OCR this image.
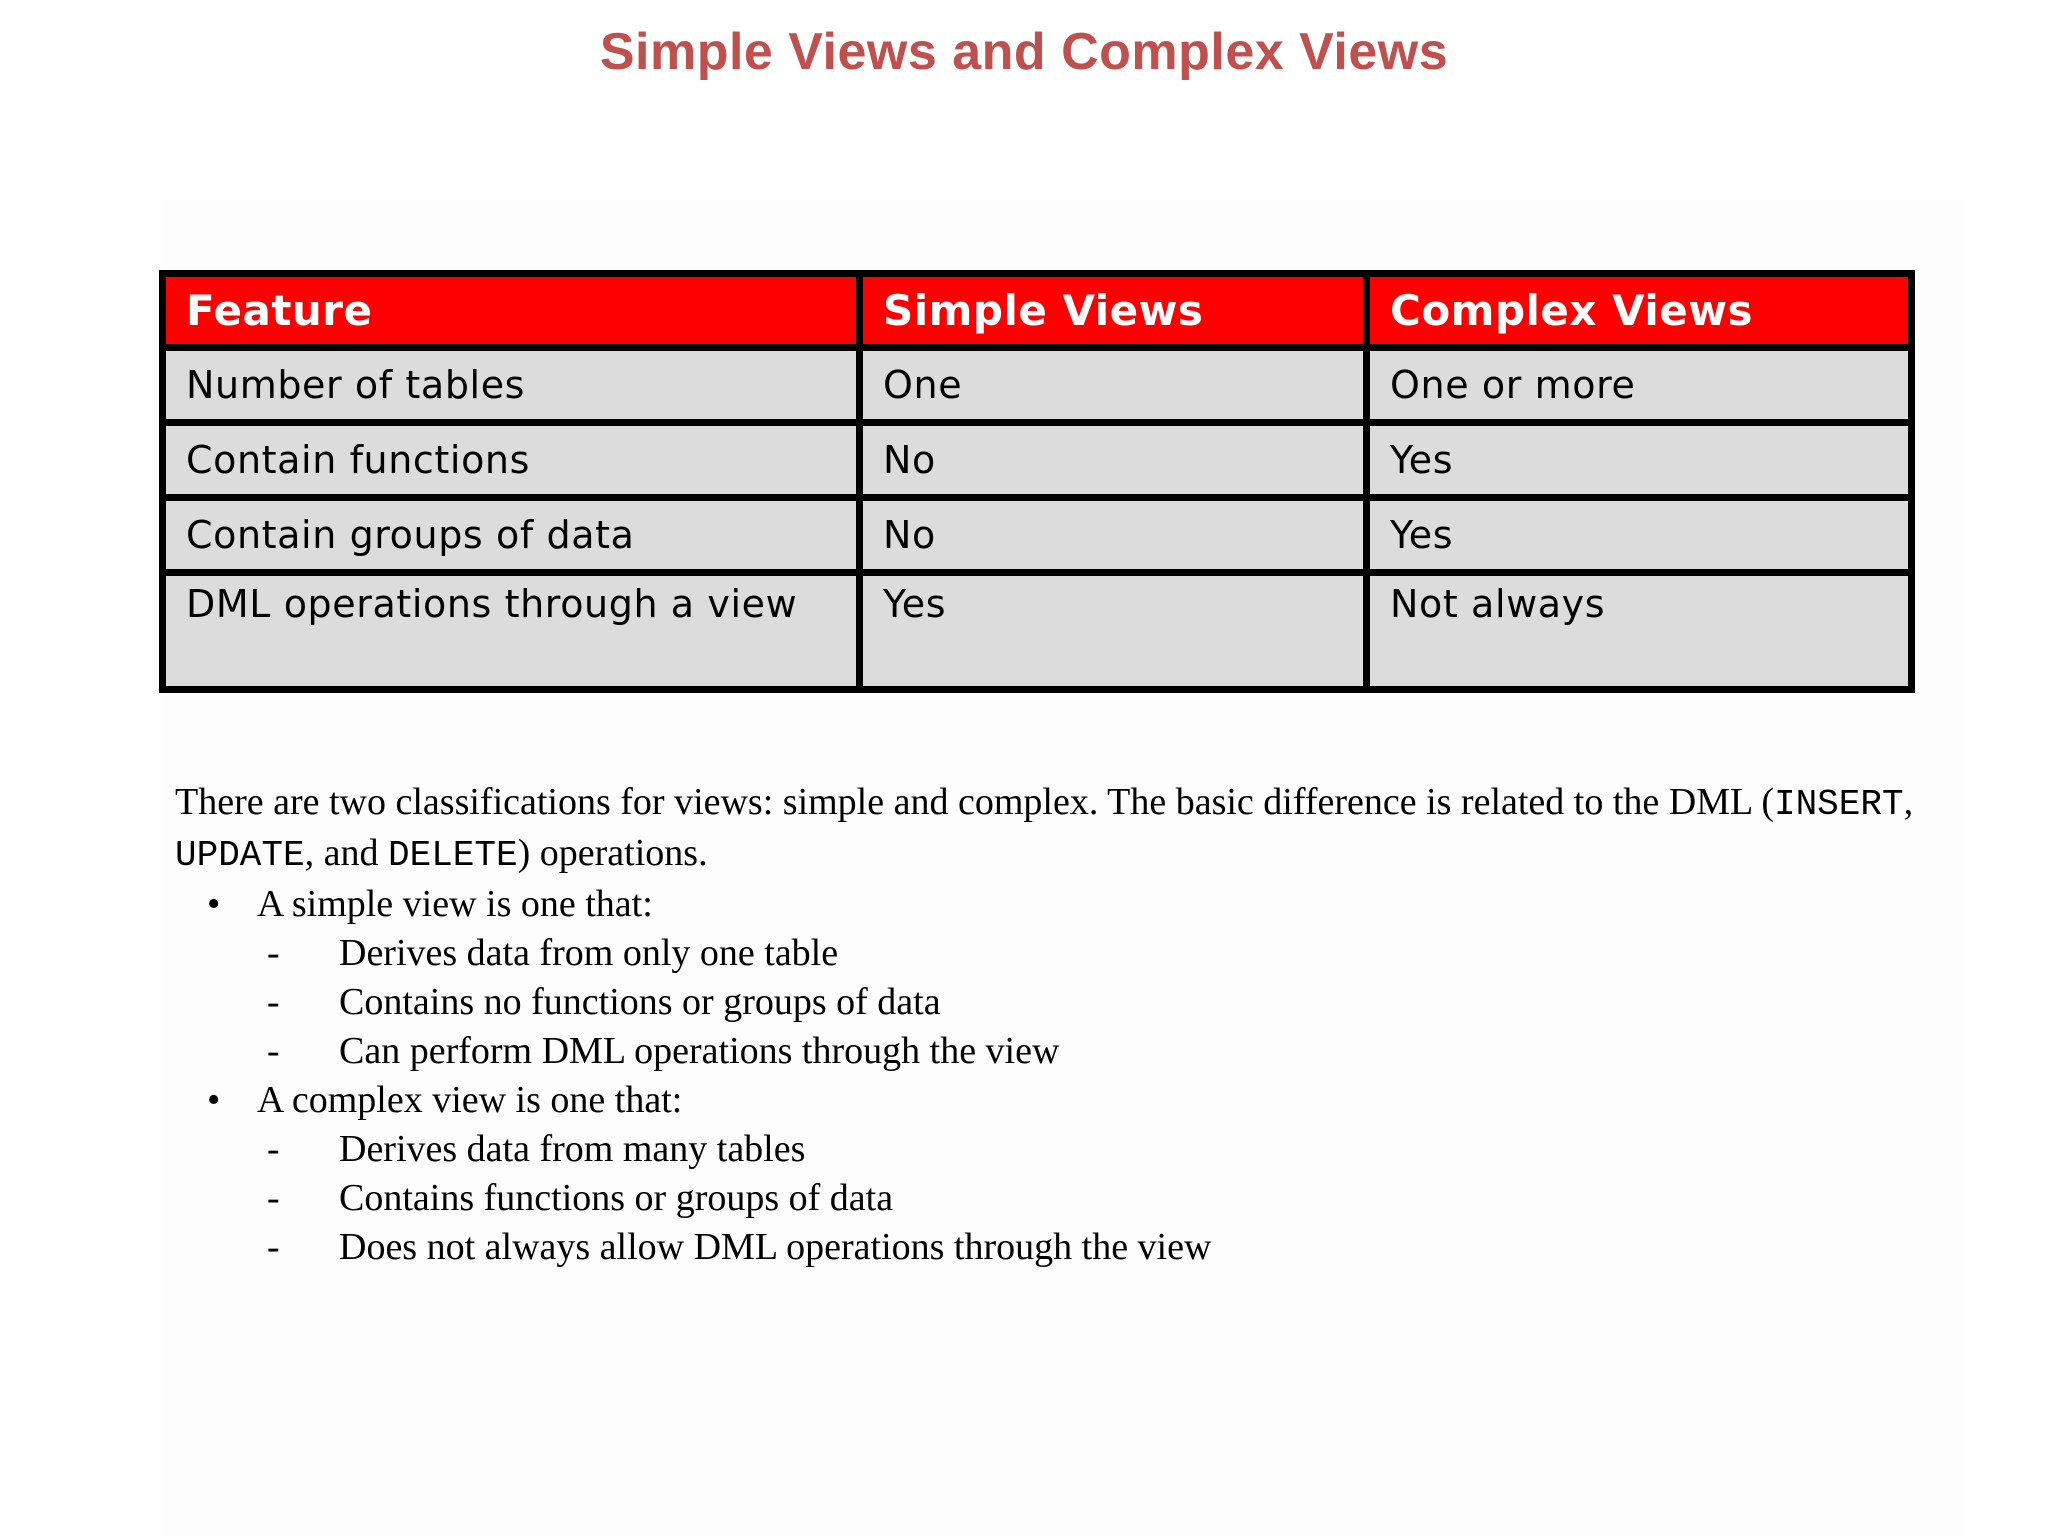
Simple Views and Complex Views
Feature	Simple Views	Complex Views
Number of tables	One	One or more
Contain functions	No	Yes
Contain groups of data	No	Yes
DML operations through a view	Yes	Not always

There are two classifications for views: simple and complex. The basic difference is related to the DML (INSERT, UPDATE, and DELETE) operations.

• A simple view is one that:
- Derives data from only one table
- Contains no functions or groups of data
- Can perform DML operations through the view
• A complex view is one that:
- Derives data from many tables
- Contains functions or groups of data
- Does not always allow DML operations through the view
